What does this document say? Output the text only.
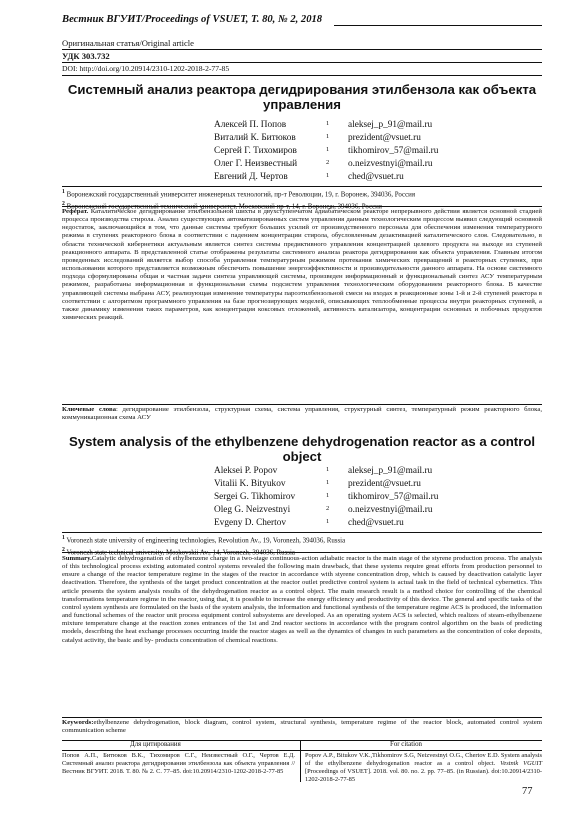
Вестник ВГУИТ/Proceedings of VSUET, Т. 80, № 2, 2018
Оригинальная статья/Original article
УДК 303.732
DOI: http://doi.org/10.20914/2310-1202-2018-2-77-85
Системный анализ реактора дегидрирования этилбензола как объекта управления
Алексей П. Попов	1 aleksej_p_91@mail.ru
Виталий К. Битюков	1 prezident@vsuet.ru
Сергей Г. Тихомиров	1 tikhomirov_57@mail.ru
Олег Г. Неизвестный	2 o.neizvestnyi@mail.ru
Евгений Д. Чертов	1 ched@vsuet.ru
$^1$ Воронежский государственный университет инженерных технологий, пр-т Революции, 19, г. Воронеж, 394036, Россия
$^2$ Воронежский государственный технический университет, Московский пр-т, 14, г. Воронеж, 394036, Россия
Реферат. Каталитическое дегидрирование этилбензольной шихты в двухступенчатом адиабатическом реакторе непрерывного действия является основной стадией процесса производства стирола. Анализ существующих автоматизированных систем управления данным технологическим процессом выявил следующий основной недостаток, заключающийся в том, что данные системы требуют больших усилий от производственного персонала для обеспечения изменения температурного режима в ступенях реакторного блока в соответствии с падением концентрации стирола, обусловленным дезактивацией каталитического слоя. Следовательно, в области технической кибернетики актуальным является синтез системы предиктивного управления концентрацией целевого продукта на выходе из ступеней реакционного аппарата. В представленной статье отображены результаты системного анализа реактора дегидрирования как объекта управления. Главным итогом проведенных исследований является выбор способа управления температурным режимом протекания химических превращений в реакторных ступенях, при использовании которого представляется возможным обеспечить повышение энергоэффективности и производительности данного аппарата. На основе системного подхода сформулированы общая и частная задачи синтеза управляющей системы, произведен информационный и функциональный синтез АСУ температурным режимом, разработаны информационная и функциональная схемы подсистем управления технологическим оборудованием реакторного блока. В качестве управляющей системы выбрана АСУ, реализующая изменение температуры пароэтилбензольной смеси на входах в реакционные зоны 1-й и 2-й ступеней реактора в соответствии с алгоритмом программного управления на базе прогнозирующих моделей, описывающих теплообменные процессы внутри реакторных ступеней, а также динамику изменения таких параметров, как концентрация коксовых отложений, активность катализатора, концентрации основных и побочных продуктов химических реакций.
Ключевые слова: дегидрирование этилбензола, структурная схема, система управления, структурный синтез, температурный режим реакторного блока, коммуникационная схема АСУ
System analysis of the ethylbenzene dehydrogenation reactor as a control object
Aleksei P. Popov	1 aleksej_p_91@mail.ru
Vitalii K. Bityukov	1 prezident@vsuet.ru
Sergei G. Tikhomirov	1 tikhomirov_57@mail.ru
Oleg G. Neizvestnyi	2 o.neizvestnyi@mail.ru
Evgeny D. Chertov	1 ched@vsuet.ru
$^1$ Voronezh state university of engineering technologies, Revolution Av., 19, Voronezh, 394036, Russia
$^2$ Voronezh state technical university, Moskovskii Av., 14, Voronezh, 394036, Russia
Summary.Catalytic dehydrogenation of ethylbenzene charge in a two-stage continuous-action adiabatic reactor is the main stage of the styrene production process. The analysis of this technological process existing automated control systems revealed the following main drawback, that these systems require great efforts from production personnel to ensure a change of the reactor temperature regime in the stages of the reactor in accordance with styrene concentration drop, which is caused by deactivation catalytic layer deactivation. Therefore, the synthesis of the target product concentration at the reactor outlet predictive control system is actual task in the field of technical cybernetics. This article presents the system analysis results of the dehydrogenation reactor as a control object. The main research result is a method choice for controlling of the chemical transformations temperature regime in the reactor, using that, it is possible to increase the energy efficiency and productivity of this device. The general and specific tasks of the control system synthesis are formulated on the basis of the system analysis, the information and functional synthesis of the temperature regime ACS is produced, the information and functional schemes of the reactor unit process equipment control subsystems are developed. As an operating system ACS is selected, which realizes of steam-ethylbenzene mixture temperature change at the reaction zones entrances of the 1st and 2nd reactor sections in accordance with the program control algorithm on the basis of predicting models, describing the heat exchange processes occurring inside the reactor stages as well as the dynamics of changes in such parameters as the concentration of coke deposits, catalyst activity, the basic and by- products concentration of chemical reactions.
Keywords:ethylbenzene dehydrogenation, block diagram, control system, structural synthesis, temperature regime of the reactor block, automated control system communication scheme
Для цитирования	For citation
Попов А.П., Битюков В.К., Тихомиров С.Г., Неизвестный О.Г., Чертов Е.Д. Системный анализ реактора дегидрирования этилбензола как объекта управления // Вестник ВГУИТ. 2018. Т. 80. № 2. С. 77–85. doi:10.20914/2310-1202-2018-2-77-85
Popov A.P., Bitukov V.K.,Tikhomirov S.G, Neizvestnyi O.G., Chertov E.D. System analysis of the ethylbenzene dehydrogenation reactor as a control object. Vestnik VGUIT [Proceedings of VSUET]. 2018. vol. 80. no. 2. pp. 77–85. (in Russian). doi:10.20914/2310-1202-2018-2-77-85
77
